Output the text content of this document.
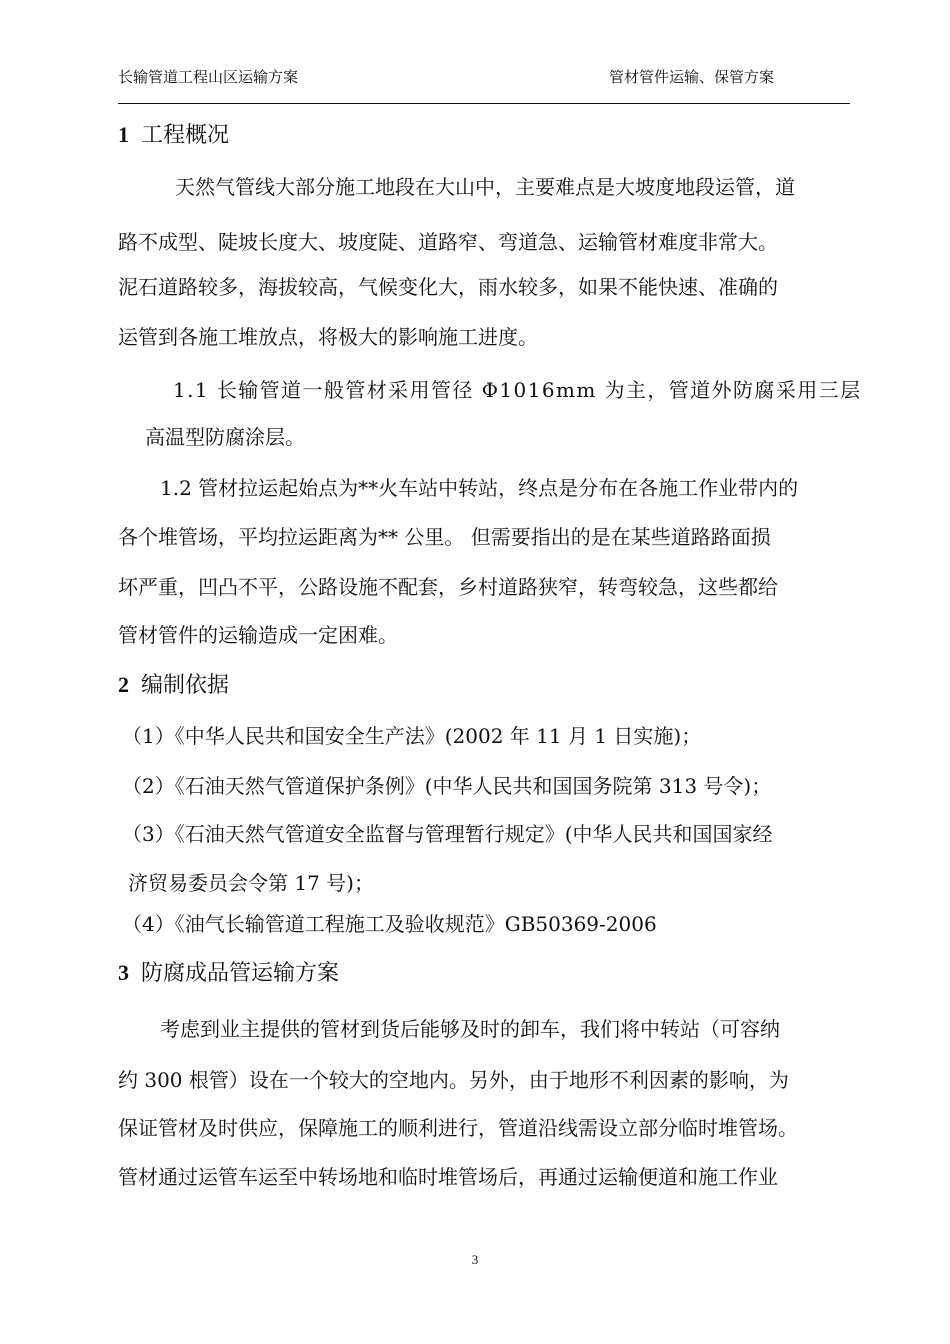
长输管道工程山区运输方案	管材管件运输、保管方案
1 工程概况
天然气管线大部分施工地段在大山中，主要难点是大坡度地段运管，道
路不成型、陡坡长度大、坡度陡、道路窄、弯道急、运输管材难度非常大。
泥石道路较多，海拔较高，气候变化大，雨水较多，如果不能快速、准确的
运管到各施工堆放点，将极大的影响施工进度。
1.1 长输管道一般管材采用管径 Φ1016mm 为主，管道外防腐采用三层
高温型防腐涂层。
1.2 管材拉运起始点为**火车站中转站，终点是分布在各施工作业带内的
各个堆管场，平均拉运距离为** 公里。 但需要指出的是在某些道路路面损
坏严重，凹凸不平，公路设施不配套，乡村道路狭窄，转弯较急，这些都给
管材管件的运输造成一定困难。
2 编制依据
（1）《中华人民共和国安全生产法》(2002 年 11 月 1 日实施)；
（2）《石油天然气管道保护条例》(中华人民共和国国务院第 313 号令)；
（3）《石油天然气管道安全监督与管理暂行规定》(中华人民共和国国家经
济贸易委员会令第 17 号)；
（4）《油气长输管道工程施工及验收规范》GB50369-2006
3 防腐成品管运输方案
考虑到业主提供的管材到货后能够及时的卸车，我们将中转站（可容纳
约 300 根管）设在一个较大的空地内。另外，由于地形不利因素的影响，为
保证管材及时供应，保障施工的顺利进行，管道沿线需设立部分临时堆管场。
管材通过运管车运至中转场地和临时堆管场后，再通过运输便道和施工作业
3
